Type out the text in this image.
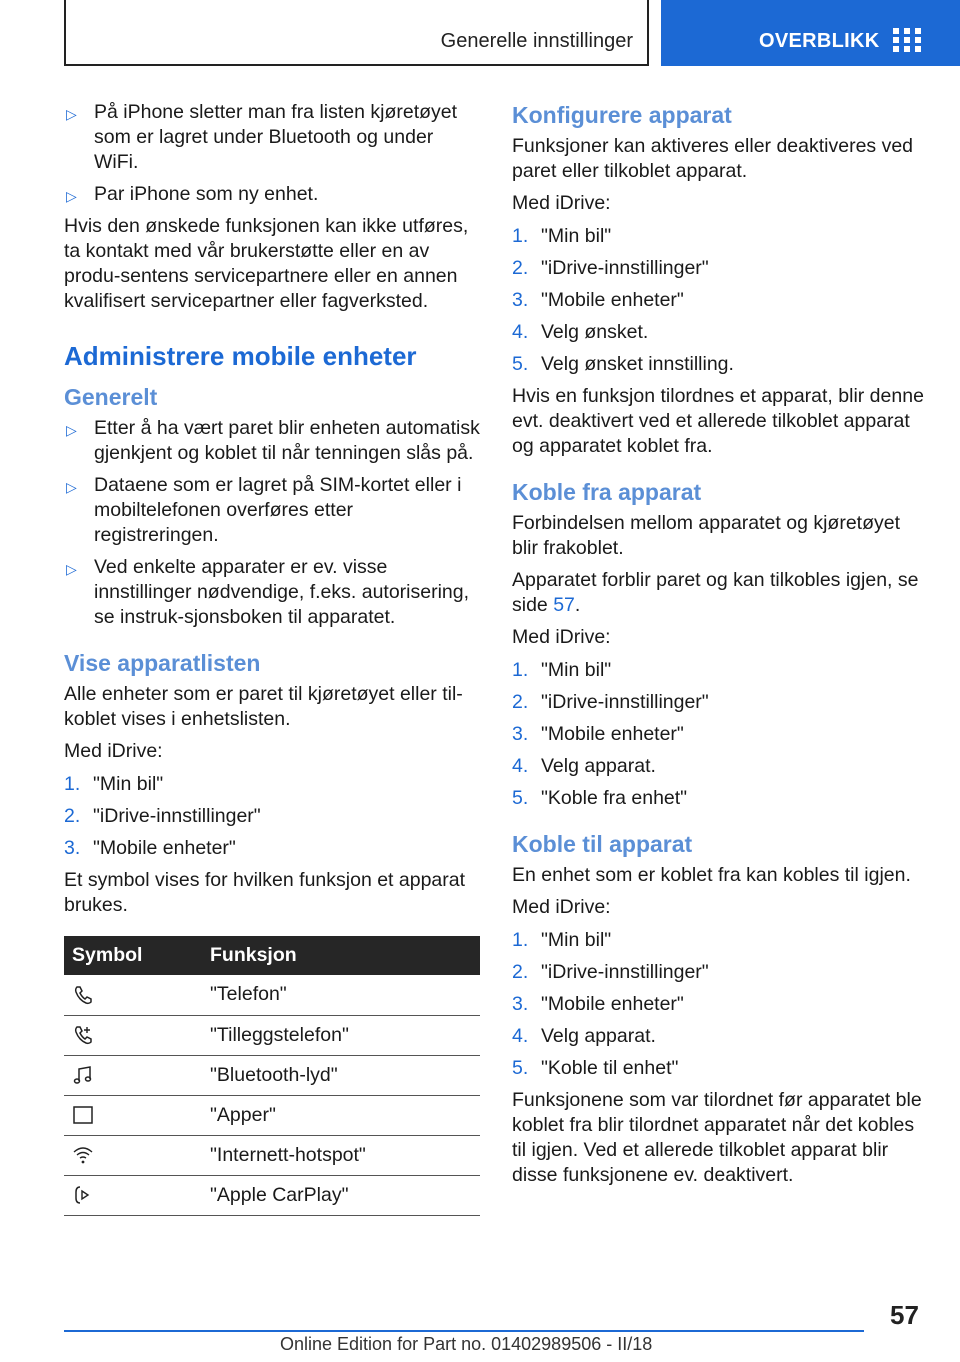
Generelle innstillinger	OVERBLIKK
▷ På iPhone sletter man fra listen kjøretøyet som er lagret under Bluetooth og under WiFi.
▷ Par iPhone som ny enhet.

Hvis den ønskede funksjonen kan ikke utføres, ta kontakt med vår brukerstøtte eller en av produ-sentens servicepartnere eller en annen kvalifisert servicepartner eller fagverksted.

Administrere mobile enheter
Generelt
▷ Etter å ha vært paret blir enheten automatisk gjenkjent og koblet til når tenningen slås på.
▷ Dataene som er lagret på SIM-kortet eller i mobiltelefonen overføres etter registreringen.
▷ Ved enkelte apparater er ev. visse innstillinger nødvendige, f.eks. autorisering, se instruk-sjonsboken til apparatet.
Vise apparatlisten

Alle enheter som er paret til kjøretøyet eller til-koblet vises i enhetslisten.

Med iDrive:

1. "Min bil"
2. "iDrive-innstillinger"
3. "Mobile enheter"

Et symbol vises for hvilken funksjon et apparat brukes.

Symbol	Funksjon
	"Telefon"
	"Tilleggstelefon"
	"Bluetooth-lyd"
	"Apper"
	"Internett-hotspot"
	"Apple CarPlay"
Konfigurere apparat

Funksjoner kan aktiveres eller deaktiveres ved paret eller tilkoblet apparat.

Med iDrive:

1. "Min bil"
2. "iDrive-innstillinger"
3. "Mobile enheter"
4. Velg ønsket.
5. Velg ønsket innstilling.

Hvis en funksjon tilordnes et apparat, blir denne evt. deaktivert ved et allerede tilkoblet apparat og apparatet koblet fra.

Koble fra apparat

Forbindelsen mellom apparatet og kjøretøyet blir frakoblet.

Apparatet forblir paret og kan tilkobles igjen, se side 57.

Med iDrive:

1. "Min bil"
2. "iDrive-innstillinger"
3. "Mobile enheter"
4. Velg apparat.
5. "Koble fra enhet"
Koble til apparat

En enhet som er koblet fra kan kobles til igjen.

Med iDrive:

1. "Min bil"
2. "iDrive-innstillinger"
3. "Mobile enheter"
4. Velg apparat.
5. "Koble til enhet"

Funksjonene som var tilordnet før apparatet ble koblet fra blir tilordnet apparatet når det kobles til igjen. Ved et allerede tilkoblet apparat blir disse funksjonene ev. deaktivert.

57
Online Edition for Part no. 01402989506 - II/18
